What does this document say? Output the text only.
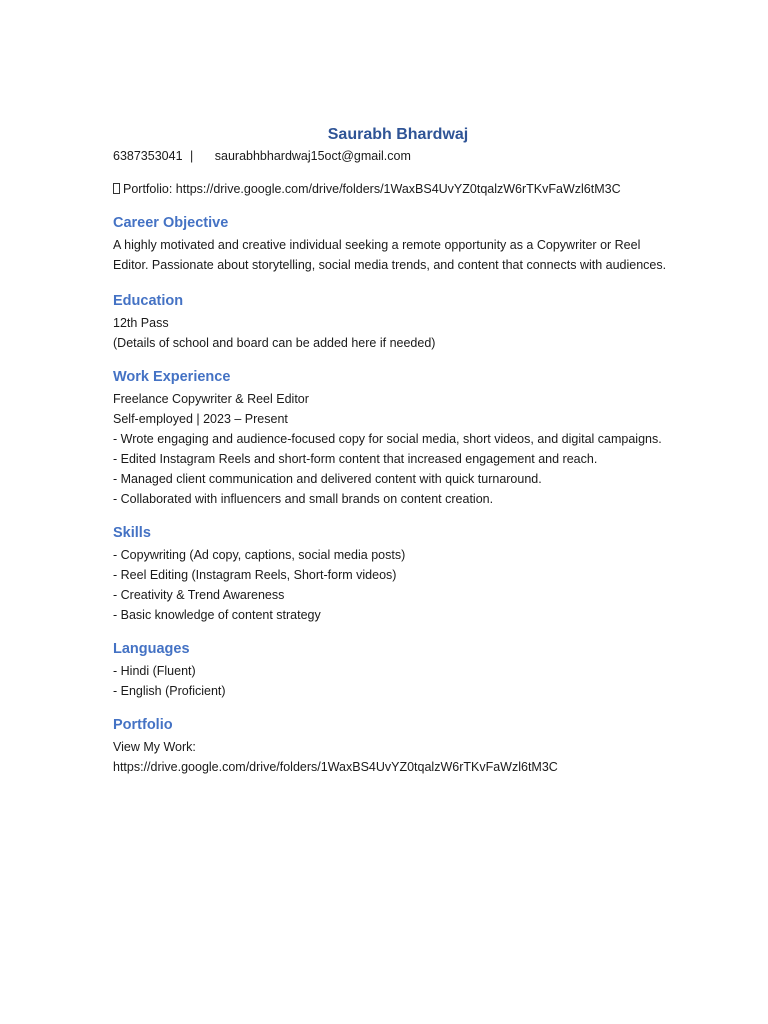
Saurabh Bhardwaj
6387353041 | saurabhbhardwaj15oct@gmail.com
Portfolio: https://drive.google.com/drive/folders/1WaxBS4UvYZ0tqalzW6rTKvFaWzl6tM3C
Career Objective

A highly motivated and creative individual seeking a remote opportunity as a Copywriter or Reel Editor. Passionate about storytelling, social media trends, and content that connects with audiences.

Education

12th Pass

(Details of school and board can be added here if needed)

Work Experience

Freelance Copywriter & Reel Editor

Self-employed | 2023 – Present

- Wrote engaging and audience-focused copy for social media, short videos, and digital campaigns.

- Edited Instagram Reels and short-form content that increased engagement and reach.

- Managed client communication and delivered content with quick turnaround.

- Collaborated with influencers and small brands on content creation.

Skills

- Copywriting (Ad copy, captions, social media posts)

- Reel Editing (Instagram Reels, Short-form videos)

- Creativity & Trend Awareness

- Basic knowledge of content strategy

Languages

- Hindi (Fluent)

- English (Proficient)

Portfolio

View My Work:

https://drive.google.com/drive/folders/1WaxBS4UvYZ0tqalzW6rTKvFaWzl6tM3C
